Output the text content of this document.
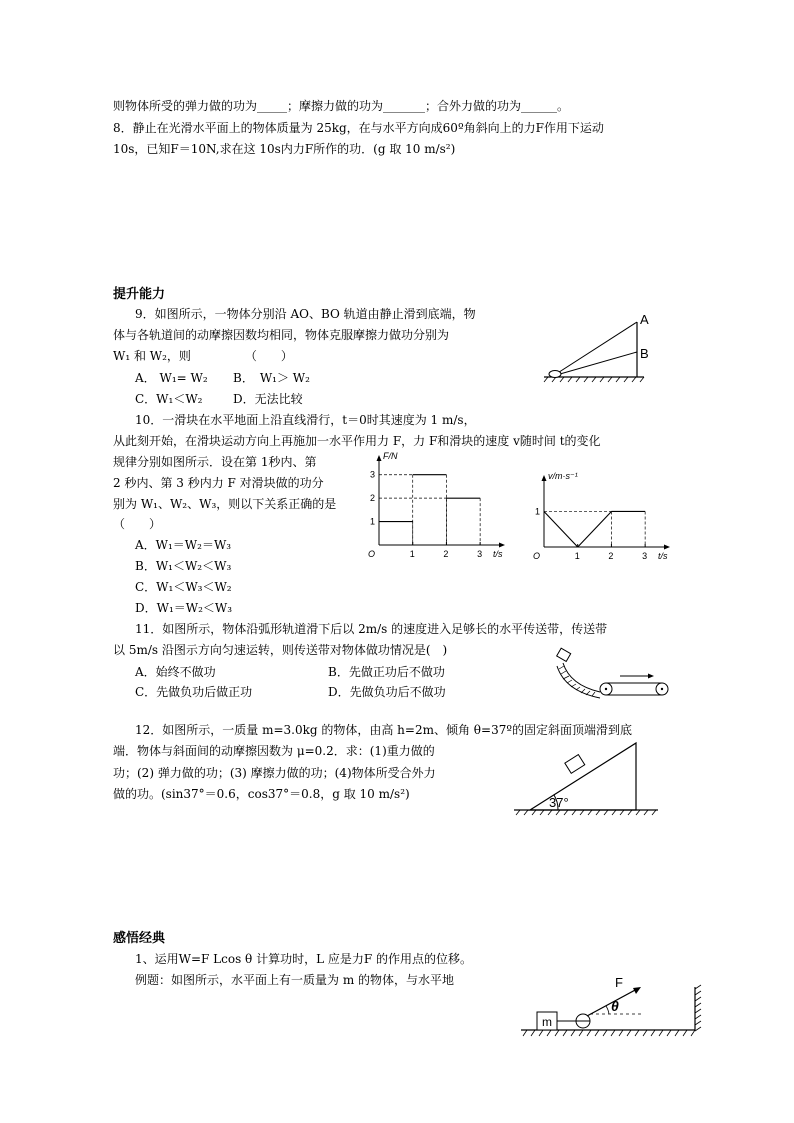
则物体所受的弹力做的功为_____；摩擦力做的功为_______；合外力做的功为______。
8．静止在光滑水平面上的物体质量为 25kg，在与水平方向成60º角斜向上的力F作用下运动
10s，已知F＝10N,求在这 10s内力F所作的功．(g 取 10 m/s²)
提升能力
9．如图所示，一物体分别沿 AO、BO 轨道由静止滑到底端，物
体与各轨道间的动摩擦因数均相同，物体克服摩擦力做功分别为
W₁ 和 W₂，则　　　　　（　　）
A． W₁= W₂ B．　W₁＞ W₂
C．W₁＜W₂	D．无法比较
10．一滑块在水平地面上沿直线滑行，t＝0时其速度为 1 m/s，
从此刻开始，在滑块运动方向上再施加一水平作用力 F，力 F和滑块的速度 v随时间 t的变化
规律分别如图所示．设在第 1秒内、第
2 秒内、第 3 秒内力 F 对滑块做的功分
别为 W₁、W₂、W₃，则以下关系正确的是
（　　）
A．W₁＝W₂＝W₃
B．W₁＜W₂＜W₃
C．W₁＜W₃＜W₂
D．W₁＝W₂＜W₃
11．如图所示，物体沿弧形轨道滑下后以 2m/s 的速度进入足够长的水平传送带，传送带
以 5m/s 沿图示方向匀速运转，则传送带对物体做功情况是(　)
A．始终不做功	B．先做正功后不做功
C．先做负功后做正功	D．先做负功后不做功
12．如图所示，一质量 m=3.0kg 的物体，由高 h=2m、倾角 θ=37º的固定斜面顶端滑到底
端．物体与斜面间的动摩擦因数为 μ=0.2．求：(1)重力做的
功；(2) 弹力做的功；(3) 摩擦力做的功；(4)物体所受合外力
做的功。(sin37°＝0.6，cos37°＝0.8，g 取 10 m/s²)
感悟经典
1、运用W=F Lcos θ 计算功时，L 应是力F 的作用点的位移。
例题：如图所示，水平面上有一质量为 m 的物体，与水平地
A
B
O	t/s
F/N
1	2	3
1
2
3
O	t/s
v/m·s⁻¹
1	2	3
1
37°
F
m
θ
